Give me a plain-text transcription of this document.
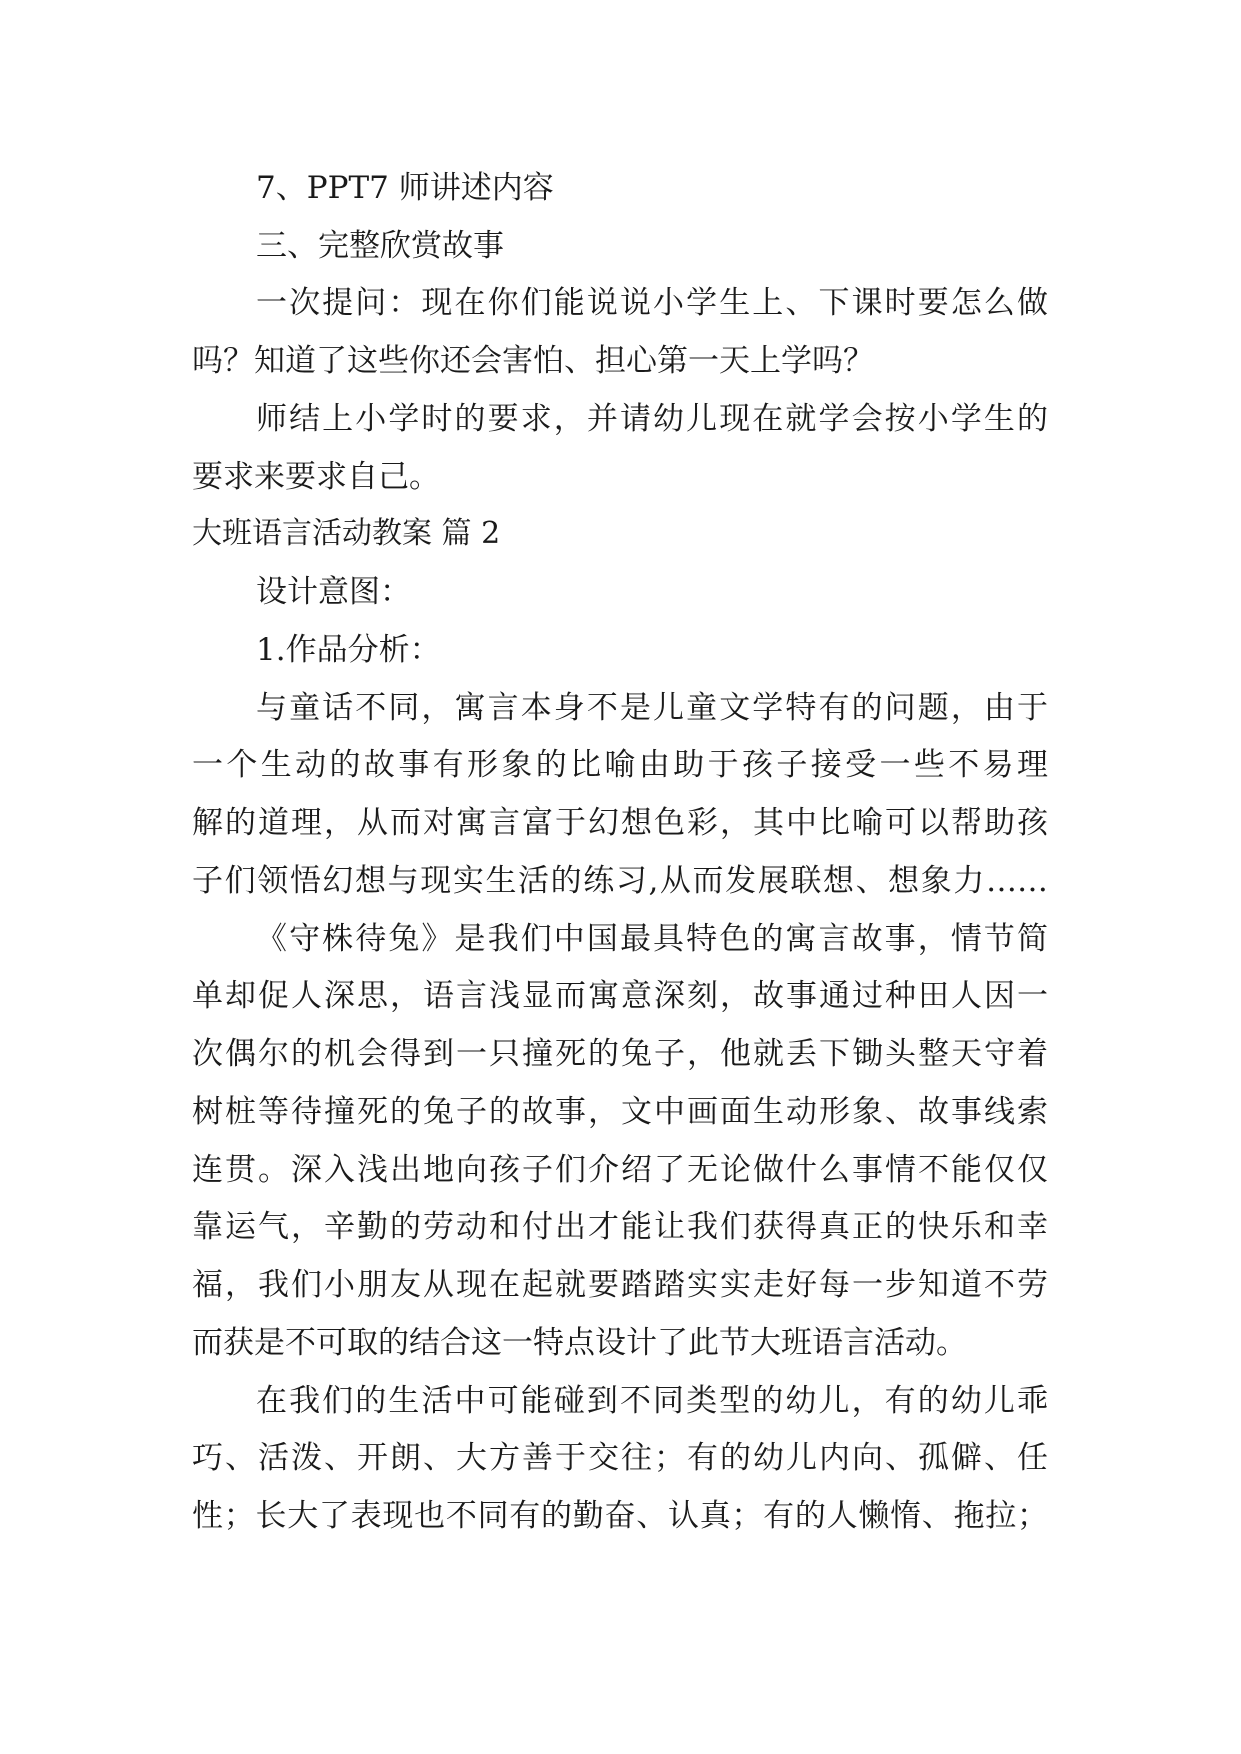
7、PPT7 师讲述内容
三、完整欣赏故事
一次提问：现在你们能说说小学生上、下课时要怎么做
吗？知道了这些你还会害怕、担心第一天上学吗？
师结上小学时的要求，并请幼儿现在就学会按小学生的
要求来要求自己。
大班语言活动教案 篇 2
设计意图：
1.作品分析：
与童话不同，寓言本身不是儿童文学特有的问题，由于
一个生动的故事有形象的比喻由助于孩子接受一些不易理
解的道理，从而对寓言富于幻想色彩，其中比喻可以帮助孩
子们领悟幻想与现实生活的练习,从而发展联想、想象力……
《守株待兔》是我们中国最具特色的寓言故事，情节简
单却促人深思，语言浅显而寓意深刻，故事通过种田人因一
次偶尔的机会得到一只撞死的兔子，他就丢下锄头整天守着
树桩等待撞死的兔子的故事，文中画面生动形象、故事线索
连贯。深入浅出地向孩子们介绍了无论做什么事情不能仅仅
靠运气，辛勤的劳动和付出才能让我们获得真正的快乐和幸
福，我们小朋友从现在起就要踏踏实实走好每一步知道不劳
而获是不可取的结合这一特点设计了此节大班语言活动。
在我们的生活中可能碰到不同类型的幼儿，有的幼儿乖
巧、活泼、开朗、大方善于交往；有的幼儿内向、孤僻、任
性；长大了表现也不同有的勤奋、认真；有的人懒惰、拖拉；
